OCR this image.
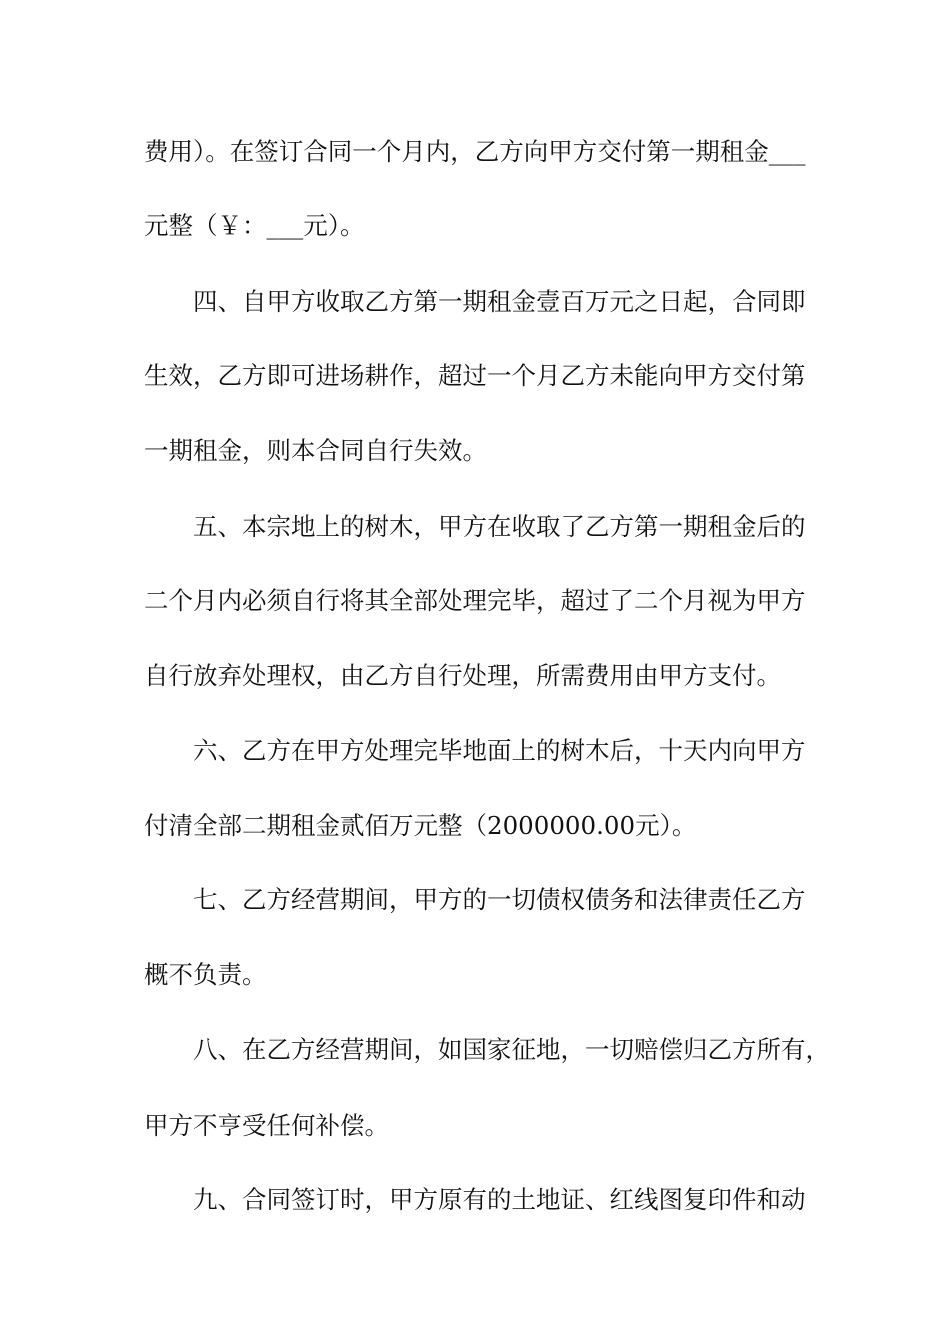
费用）。在签订合同一个月内，乙方向甲方交付第一期租金___
元整（￥：___元）。
四、自甲方收取乙方第一期租金壹百万元之日起，合同即
生效，乙方即可进场耕作，超过一个月乙方未能向甲方交付第
一期租金，则本合同自行失效。
五、本宗地上的树木，甲方在收取了乙方第一期租金后的
二个月内必须自行将其全部处理完毕，超过了二个月视为甲方
自行放弃处理权，由乙方自行处理，所需费用由甲方支付。
六、乙方在甲方处理完毕地面上的树木后，十天内向甲方
付清全部二期租金贰佰万元整（2000000.00元）。
七、乙方经营期间，甲方的一切债权债务和法律责任乙方
概不负责。
八、在乙方经营期间，如国家征地，一切赔偿归乙方所有，
甲方不亨受任何补偿。
九、合同签订时，甲方原有的土地证、红线图复印件和动
